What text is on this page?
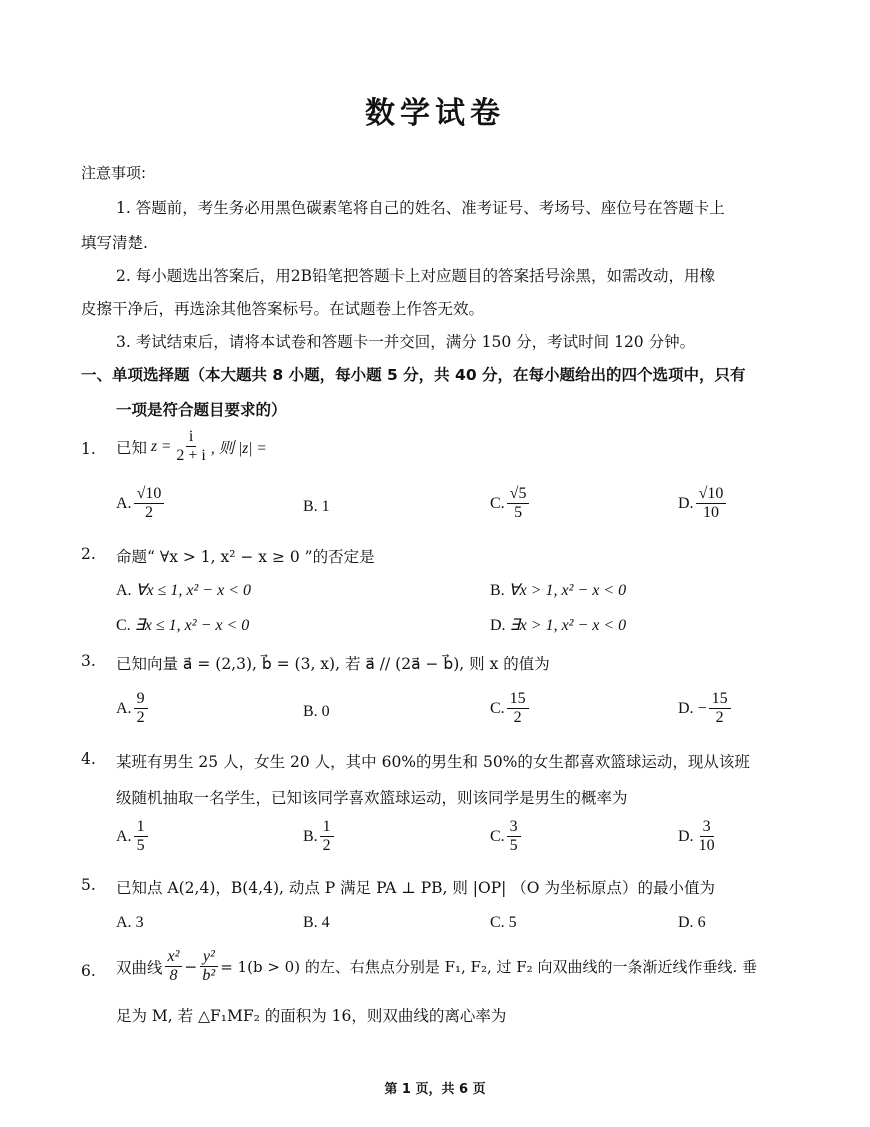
数学试卷
注意事项:
1. 答题前，考生务必用黑色碳素笔将自己的姓名、准考证号、考场号、座位号在答题卡上
填写清楚.
2. 每小题选出答案后，用2B铅笔把答题卡上对应题目的答案括号涂黑，如需改动，用橡
皮擦干净后，再选涂其他答案标号。在试题卷上作答无效。
3. 考试结束后，请将本试卷和答题卡一并交回，满分 150 分，考试时间 120 分钟。
一、单项选择题（本大题共 8 小题，每小题 5 分，共 40 分，在每小题给出的四个选项中，只有
一项是符合题目要求的）
1. 已知 $z = \frac{i}{2 + i}$ , 则 |z| =
A. $\frac{√10}{2}$	B. 1	C. $\frac{√5}{5}$	D. $\frac{√10}{10}$
2. 命题“ ∀x > 1, x² − x ≥ 0 ”的否定是
A. ∀x ≤ 1, x² − x < 0	B. ∀x > 1, x² − x < 0
C. ∃x ≤ 1, x² − x < 0	D. ∃x > 1, x² − x < 0
3. 已知向量 a⃗ = (2,3), b⃗ = (3, x), 若 a⃗ // (2a⃗ − b⃗), 则 x 的值为
A. $\frac{9}{2}$	B. 0	C. $\frac{15}{2}$	D. − $\frac{15}{2}$
4. 某班有男生 25 人，女生 20 人，其中 60%的男生和 50%的女生都喜欢篮球运动，现从该班
级随机抽取一名学生，已知该同学喜欢篮球运动，则该同学是男生的概率为
A. $\frac{1}{5}$	B. $\frac{1}{2}$	C. $\frac{3}{5}$	D. $\frac{3}{10}$
5. 已知点 A(2,4)，B(4,4), 动点 P 满足 PA ⊥ PB, 则 |OP| （O 为坐标原点）的最小值为
A. 3	B. 4	C. 5	D. 6
6. 双曲线 $\frac{\text{x²}}{8} - \frac{\text{y²}}{\text{b²}} = 1(b > 0)$ 的左、右焦点分别是 F₁, F₂, 过 F₂ 向双曲线的一条渐近线作垂线. 垂
足为 M, 若 △F₁MF₂ 的面积为 16，则双曲线的离心率为
第 1 页，共 6 页
